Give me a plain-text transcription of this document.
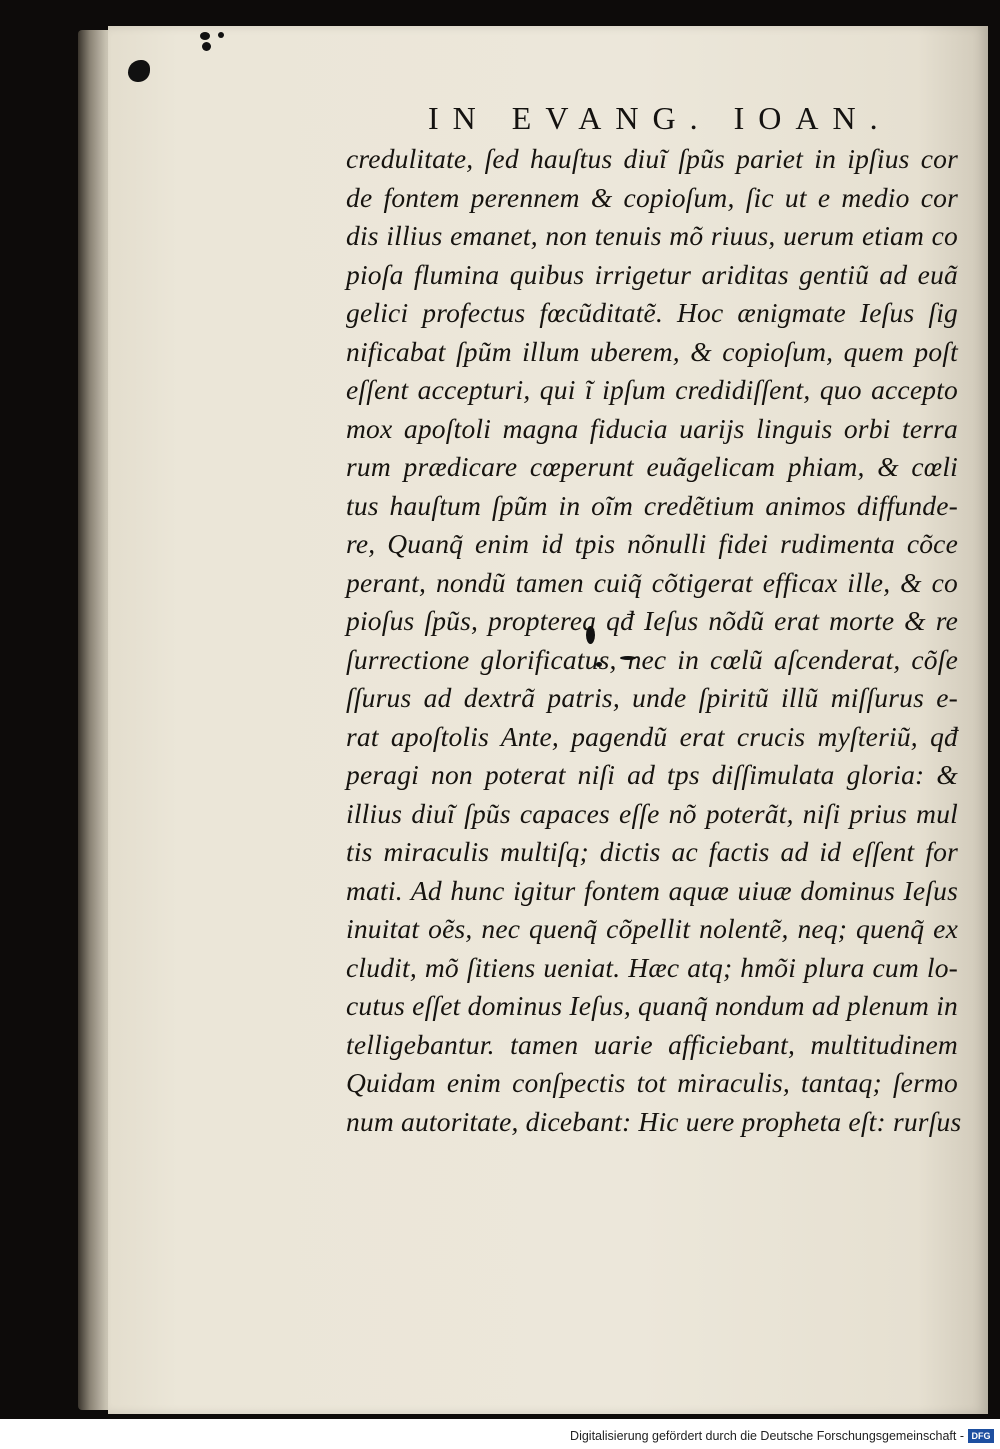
IN EVANG. IOAN.
credulitate, ſed hauſtus diuĩ ſpũs pariet in ipſius cor
de fontem perennem & copioſum, ſic ut e medio cor
dis illius emanet, non tenuis mõ riuus, uerum etiam co
pioſa flumina quibus irrigetur ariditas gentiũ ad euã
gelici profectus fœcũditatẽ. Hoc ænigmate Ieſus ſig
nificabat ſpũm illum uberem, & copioſum, quem poſt
eſſent accepturi, qui ĩ ipſum credidiſſent, quo accepto
mox apoſtoli magna fiducia uarijs linguis orbi terra
rum prædicare cœperunt euãgelicam phiam, & cœli
tus hauſtum ſpũm in oĩm credẽtium animos diffunde-
re, Quanq̃ enim id tpis nõnulli fidei rudimenta cõce
perant, nondũ tamen cuiq̃ cõtigerat efficax ille, & co
pioſus ſpũs, propterea qđ Ieſus nõdũ erat morte & re
ſurrectione glorificatus, nec in cœlũ aſcenderat, cõſe
ſſurus ad dextrã patris, unde ſpiritũ illũ miſſurus e-
rat apoſtolis Ante, pagendũ erat crucis myſteriũ, qđ
peragi non poterat niſi ad tps diſſimulata gloria: &
illius diuĩ ſpũs capaces eſſe nõ poterãt, niſi prius mul
tis miraculis multiſq; dictis ac factis ad id eſſent for
mati. Ad hunc igitur fontem aquæ uiuæ dominus Ieſus
inuitat oẽs, nec quenq̃ cõpellit nolentẽ, neq; quenq̃ ex
cludit, mõ ſitiens ueniat. Hæc atq; hmõi plura cum lo-
cutus eſſet dominus Ieſus, quanq̃ nondum ad plenum in
telligebantur. tamen uarie afficiebant, multitudinem
Quidam enim conſpectis tot miraculis, tantaq; ſermo
num autoritate, dicebant: Hic uere propheta eſt: rurſus
Digitalisierung gefördert durch die Deutsche Forschungsgemeinschaft - DFG
